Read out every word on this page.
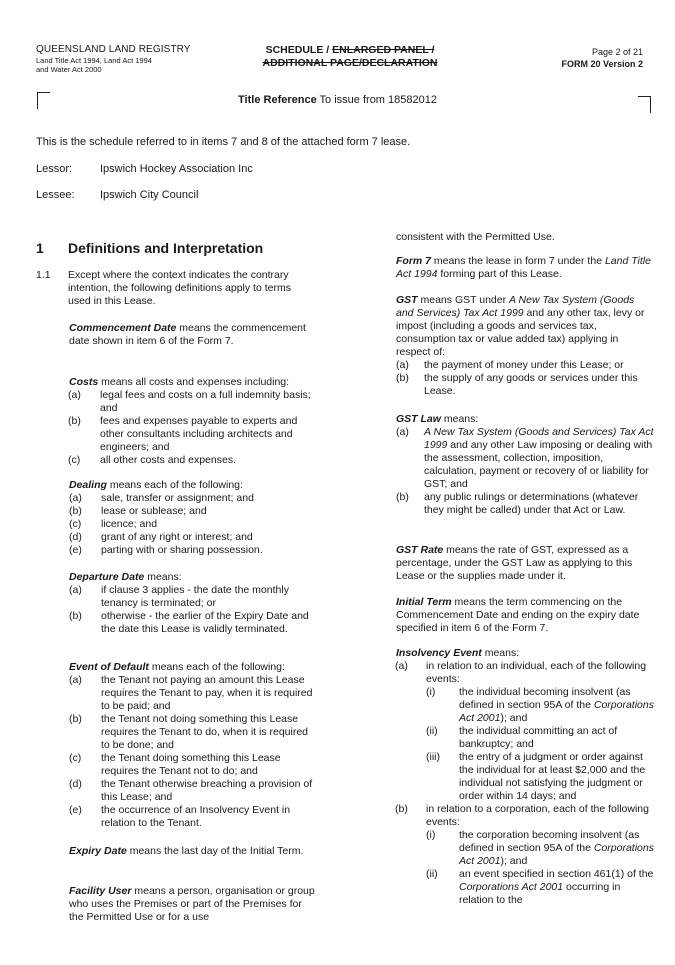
QUEENSLAND LAND REGISTRY
Land Title Act 1994, Land Act 1994
and Water Act 2000
SCHEDULE / ENLARGED PANEL /
ADDITIONAL PAGE/DECLARATION
Page 2 of 21
FORM 20 Version 2
Title Reference To issue from 18582012
This is the schedule referred to in items 7 and 8 of the attached form 7 lease.
Lessor:	Ipswich Hockey Association Inc
Lessee: Ipswich City Council
1 Definitions and Interpretation
1.1	Except where the context indicates the contrary intention, the following definitions apply to terms used in this Lease.

Commencement Date means the commencement date shown in item 6 of the Form 7.

Costs means all costs and expenses including:

(a)	legal fees and costs on a full indemnity basis; and
(b)	fees and expenses payable to experts and other consultants including architects and engineers; and
(c)	all other costs and expenses.

Dealing means each of the following:

(a)	sale, transfer or assignment; and
(b)	lease or sublease; and
(c)	licence; and
(d)	grant of any right or interest; and
(e)	parting with or sharing possession.

Departure Date means:

(a)	if clause 3 applies - the date the monthly tenancy is terminated; or
(b)	otherwise - the earlier of the Expiry Date and the date this Lease is validly terminated.

Event of Default means each of the following:

(a)	the Tenant not paying an amount this Lease requires the Tenant to pay, when it is required to be paid; and
(b)	the Tenant not doing something this Lease requires the Tenant to do, when it is required to be done; and
(c)	the Tenant doing something this Lease requires the Tenant not to do; and
(d)	the Tenant otherwise breaching a provision of this Lease; and
(e)	the occurrence of an Insolvency Event in relation to the Tenant.

Expiry Date means the last day of the Initial Term.

Facility User means a person, organisation or group who uses the Premises or part of the Premises for the Permitted Use or for a use

consistent with the Permitted Use.

Form 7 means the lease in form 7 under the Land Title Act 1994 forming part of this Lease.

GST means GST under A New Tax System (Goods and Services) Tax Act 1999 and any other tax, levy or impost (including a goods and services tax, consumption tax or value added tax) applying in respect of:

(a)	the payment of money under this Lease; or
(b)	the supply of any goods or services under this Lease.

GST Law means:

(a)	A New Tax System (Goods and Services) Tax Act 1999 and any other Law imposing or dealing with the assessment, collection, imposition, calculation, payment or recovery of or liability for GST; and
(b)	any public rulings or determinations (whatever they might be called) under that Act or Law.

GST Rate means the rate of GST, expressed as a percentage, under the GST Law as applying to this Lease or the supplies made under it.

Initial Term means the term commencing on the Commencement Date and ending on the expiry date specified in item 6 of the Form 7.

Insolvency Event means:

(a)	in relation to an individual, each of the following events:
(i)	the individual becoming insolvent (as defined in section 95A of the Corporations Act 2001); and
(ii)	the individual committing an act of bankruptcy; and
(iii)	the entry of a judgment or order against the individual for at least $2,000 and the individual not satisfying the judgment or order within 14 days; and
(b)	in relation to a corporation, each of the following events:
(i)	the corporation becoming insolvent (as defined in section 95A of the Corporations Act 2001); and
(ii)	an event specified in section 461(1) of the Corporations Act 2001 occurring in relation to the
